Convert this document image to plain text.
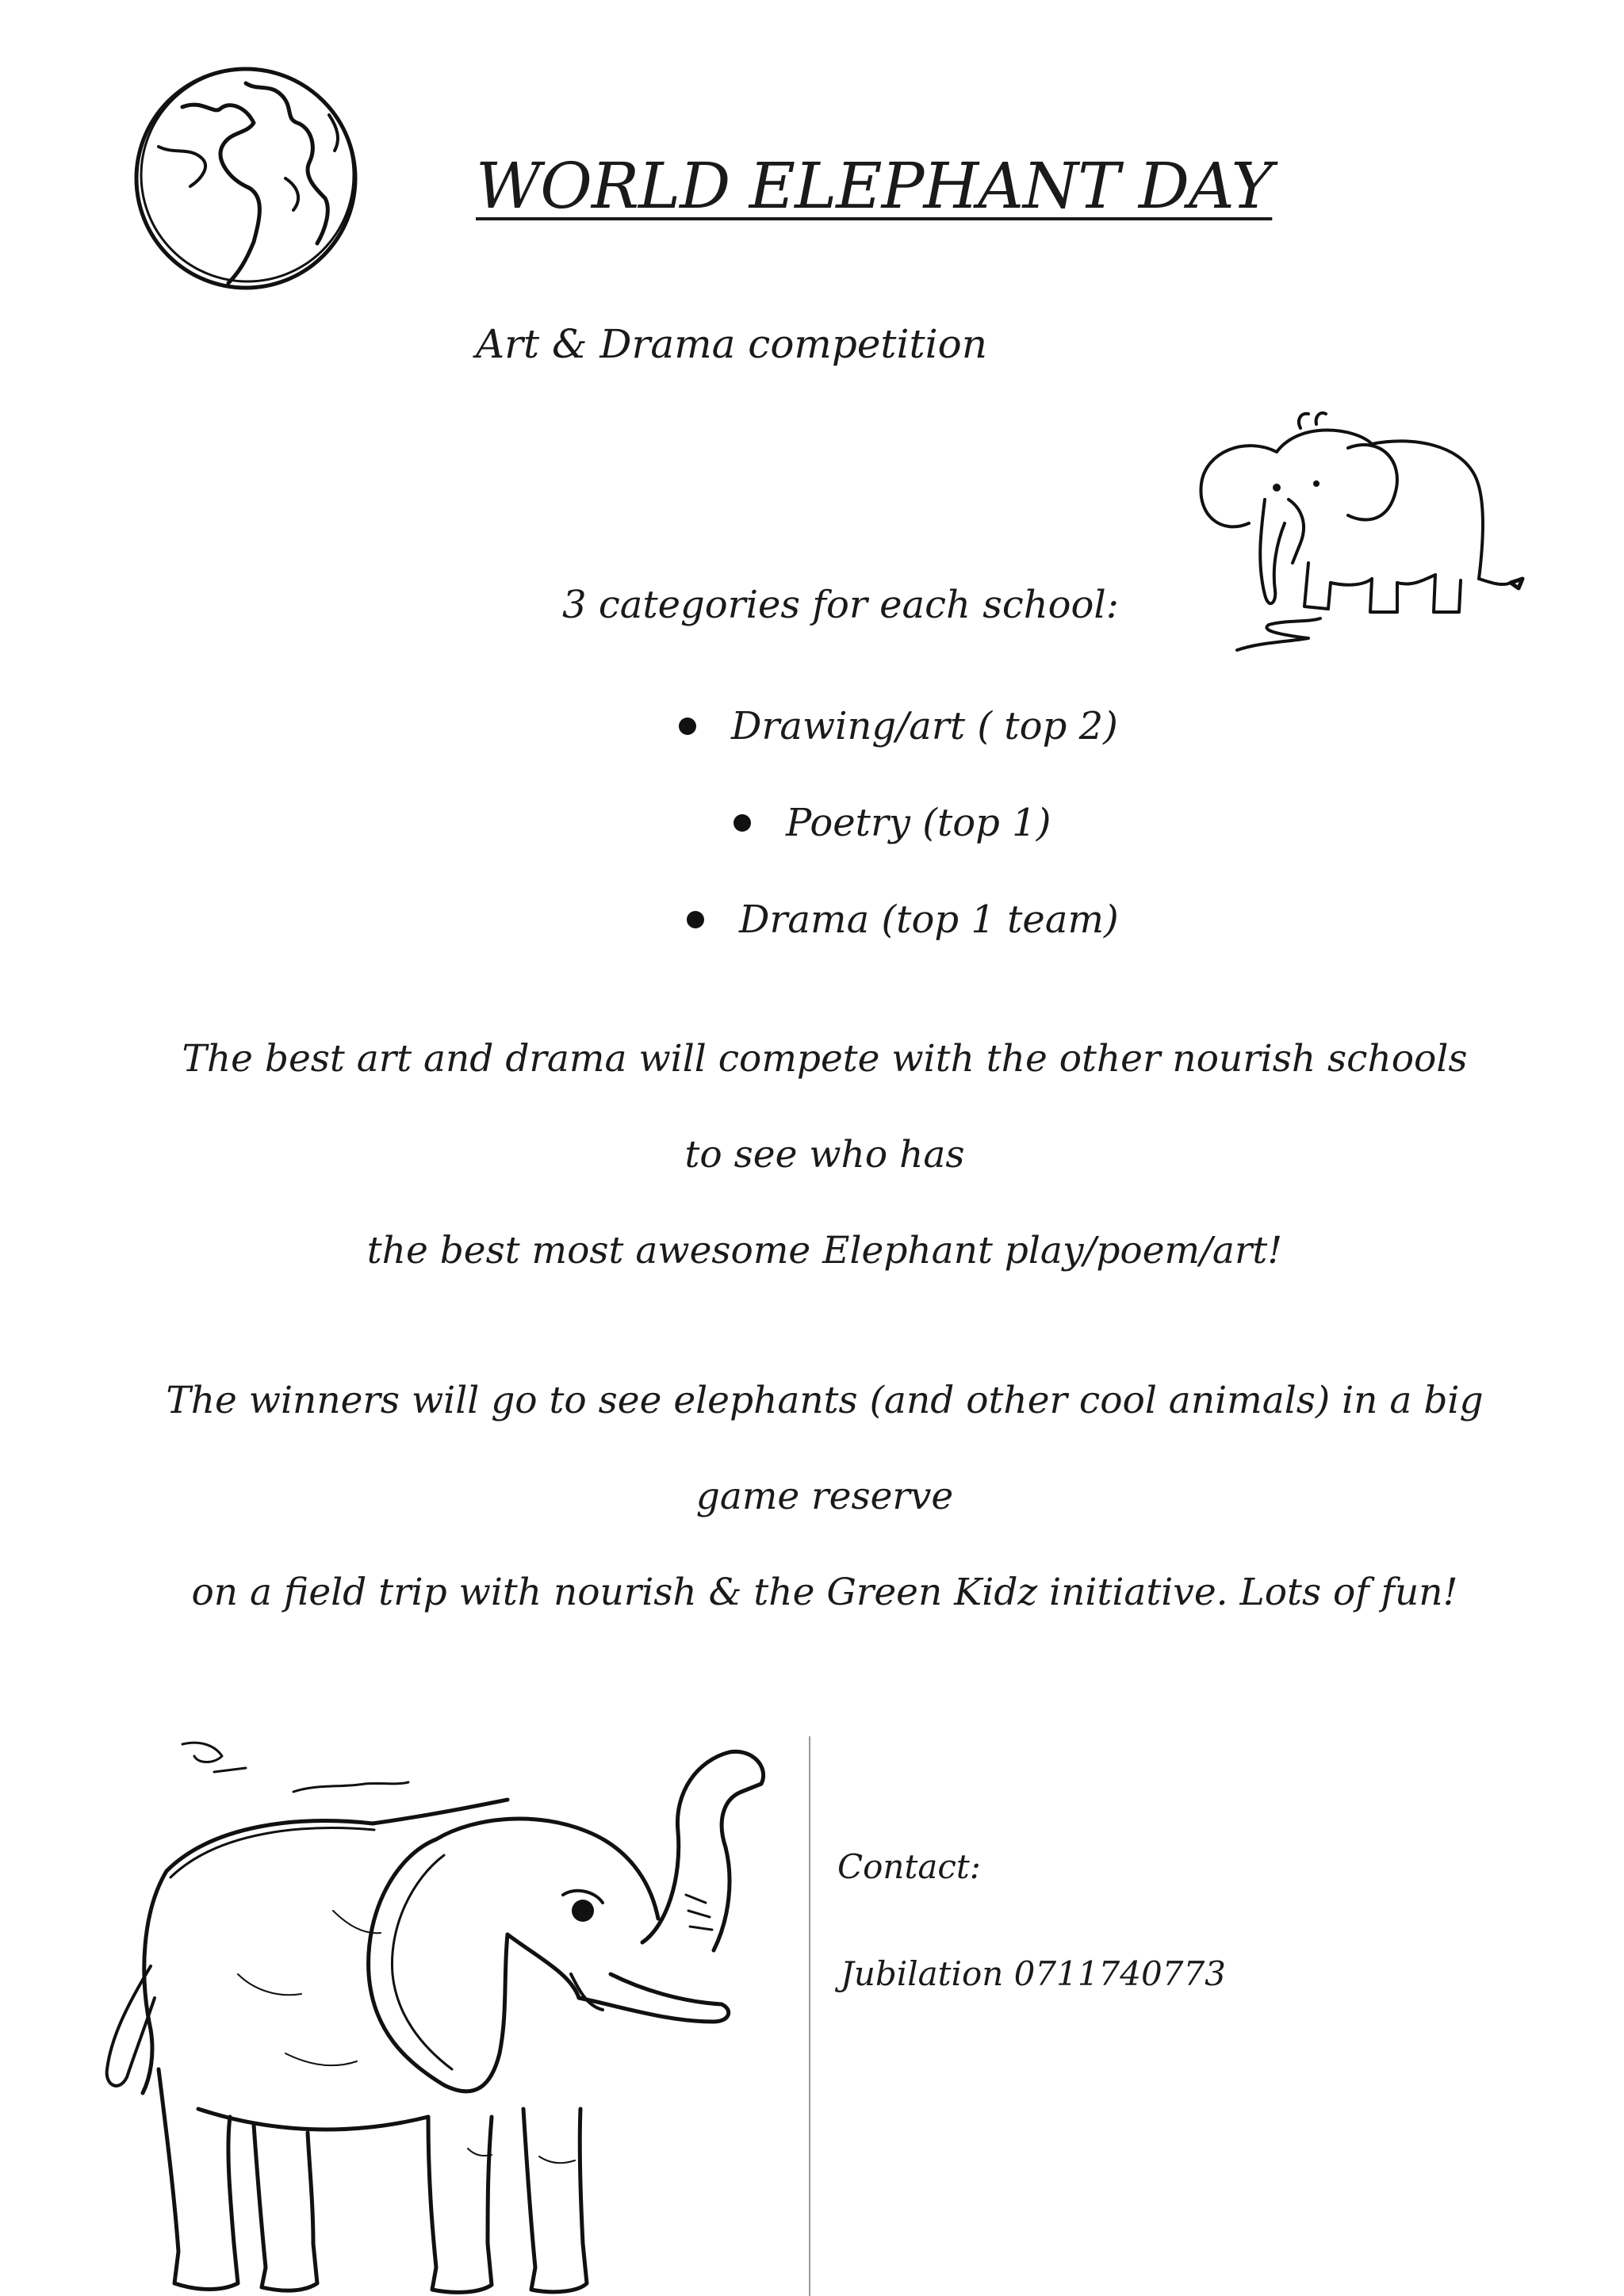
WORLD ELEPHANT DAY
Art & Drama competition
3 categories for each school:
Drawing/art ( top 2)
Poetry (top 1)
Drama (top 1 team)
The best art and drama will compete with the other nourish schools to see who has
the best most awesome Elephant play/poem/art!
The winners will go to see elephants (and other cool animals) in a big game reserve
on a field trip with nourish & the Green Kidz initiative. Lots of fun!
Contact:
Jubilation 0711740773
